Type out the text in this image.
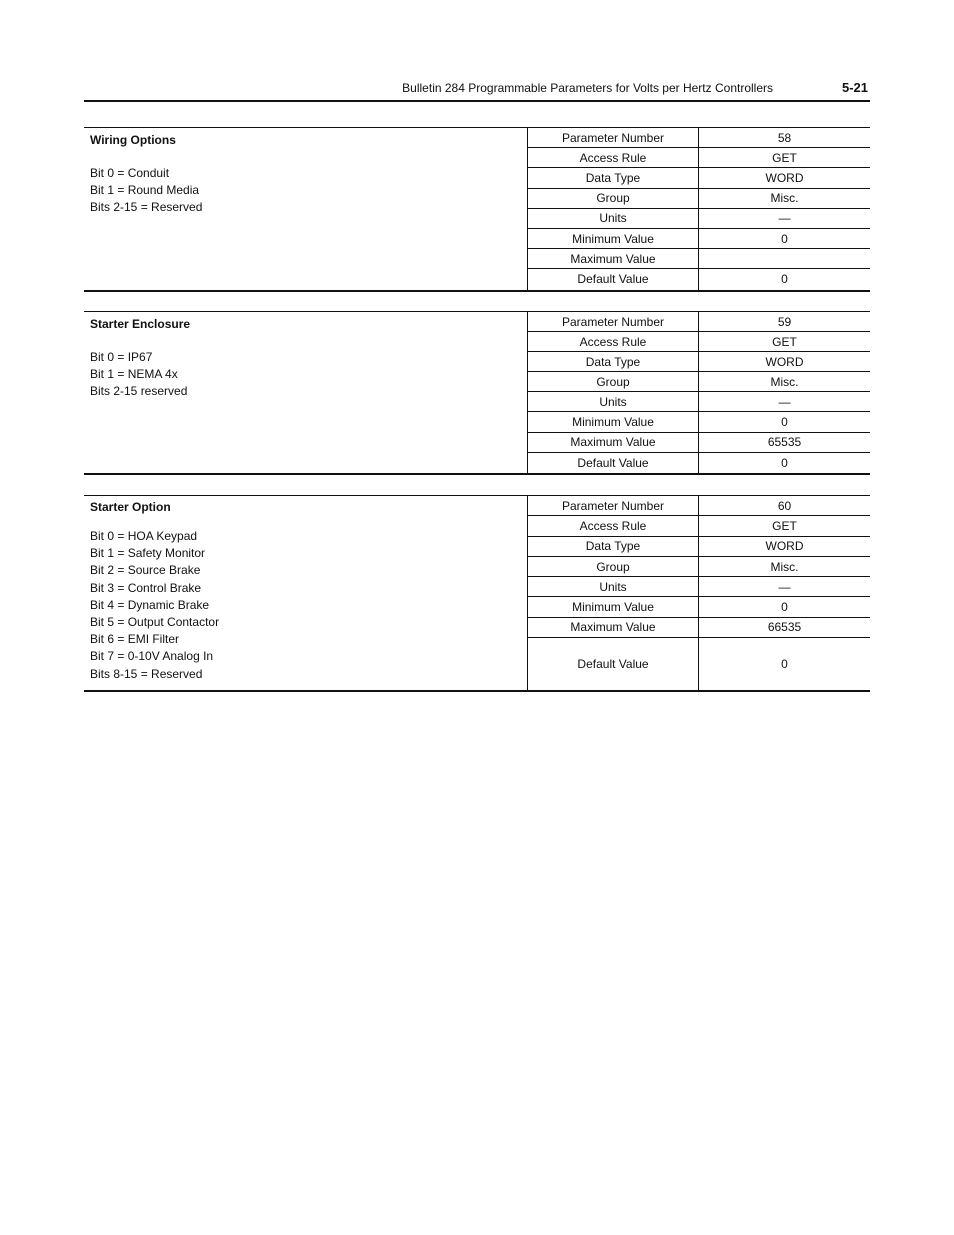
Bulletin 284 Programmable Parameters for Volts per Hertz Controllers	5-21
Wiring Options
Bit 0 = Conduit
Bit 1 = Round Media
Bits 2-15 = Reserved
Parameter Number	58
Access Rule	GET
Data Type	WORD
Group	Misc.
Units	—
Minimum Value	0
Maximum Value
Default Value	0
Starter Enclosure
Bit 0 = IP67
Bit 1 = NEMA 4x
Bits 2-15 reserved
Parameter Number	59
Access Rule	GET
Data Type	WORD
Group	Misc.
Units	—
Minimum Value	0
Maximum Value	65535
Default Value	0
Starter Option
Bit 0 = HOA Keypad
Bit 1 = Safety Monitor
Bit 2 = Source Brake
Bit 3 = Control Brake
Bit 4 = Dynamic Brake
Bit 5 = Output Contactor
Bit 6 = EMI Filter
Bit 7 = 0-10V Analog In
Bits 8-15 = Reserved
Parameter Number	60
Access Rule	GET
Data Type	WORD
Group	Misc.
Units	—
Minimum Value	0
Maximum Value	66535
Default Value	0
